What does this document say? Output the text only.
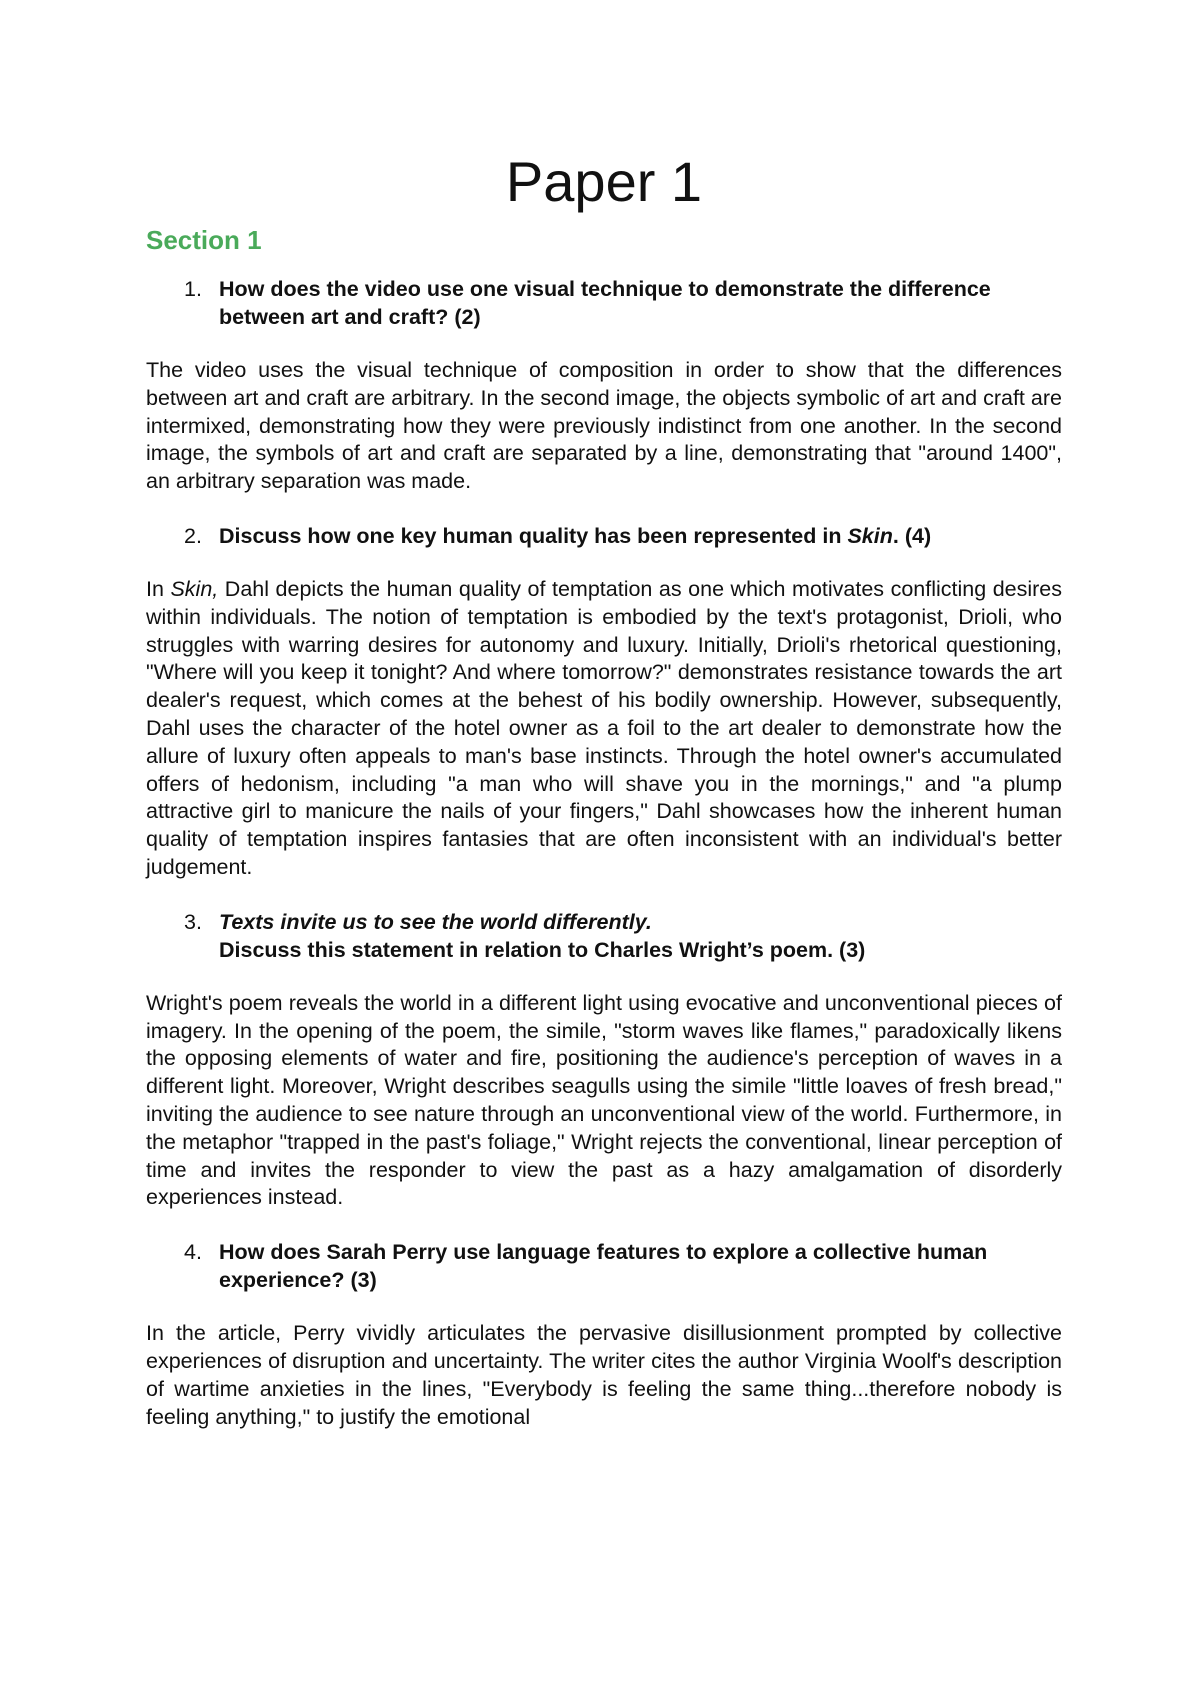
Paper 1
Section 1

1. How does the video use one visual technique to demonstrate the difference between art and craft? (2)

The video uses the visual technique of composition in order to show that the differences between art and craft are arbitrary. In the second image, the objects symbolic of art and craft are intermixed, demonstrating how they were previously indistinct from one another. In the second image, the symbols of art and craft are separated by a line, demonstrating that "around 1400", an arbitrary separation was made.

2. Discuss how one key human quality has been represented in Skin. (4)

In Skin, Dahl depicts the human quality of temptation as one which motivates conflicting desires within individuals. The notion of temptation is embodied by the text's protagonist, Drioli, who struggles with warring desires for autonomy and luxury. Initially, Drioli's rhetorical questioning, "Where will you keep it tonight? And where tomorrow?" demonstrates resistance towards the art dealer's request, which comes at the behest of his bodily ownership. However, subsequently, Dahl uses the character of the hotel owner as a foil to the art dealer to demonstrate how the allure of luxury often appeals to man's base instincts. Through the hotel owner's accumulated offers of hedonism, including "a man who will shave you in the mornings," and "a plump attractive girl to manicure the nails of your fingers," Dahl showcases how the inherent human quality of temptation inspires fantasies that are often inconsistent with an individual's better judgement.

3. Texts invite us to see the world differently.
Discuss this statement in relation to Charles Wright’s poem. (3)

Wright's poem reveals the world in a different light using evocative and unconventional pieces of imagery. In the opening of the poem, the simile, "storm waves like flames," paradoxically likens the opposing elements of water and fire, positioning the audience's perception of waves in a different light. Moreover, Wright describes seagulls using the simile "little loaves of fresh bread," inviting the audience to see nature through an unconventional view of the world. Furthermore, in the metaphor "trapped in the past's foliage," Wright rejects the conventional, linear perception of time and invites the responder to view the past as a hazy amalgamation of disorderly experiences instead.

4. How does Sarah Perry use language features to explore a collective human experience? (3)

In the article, Perry vividly articulates the pervasive disillusionment prompted by collective experiences of disruption and uncertainty. The writer cites the author Virginia Woolf's description of wartime anxieties in the lines, "Everybody is feeling the same thing...therefore nobody is feeling anything," to justify the emotional
